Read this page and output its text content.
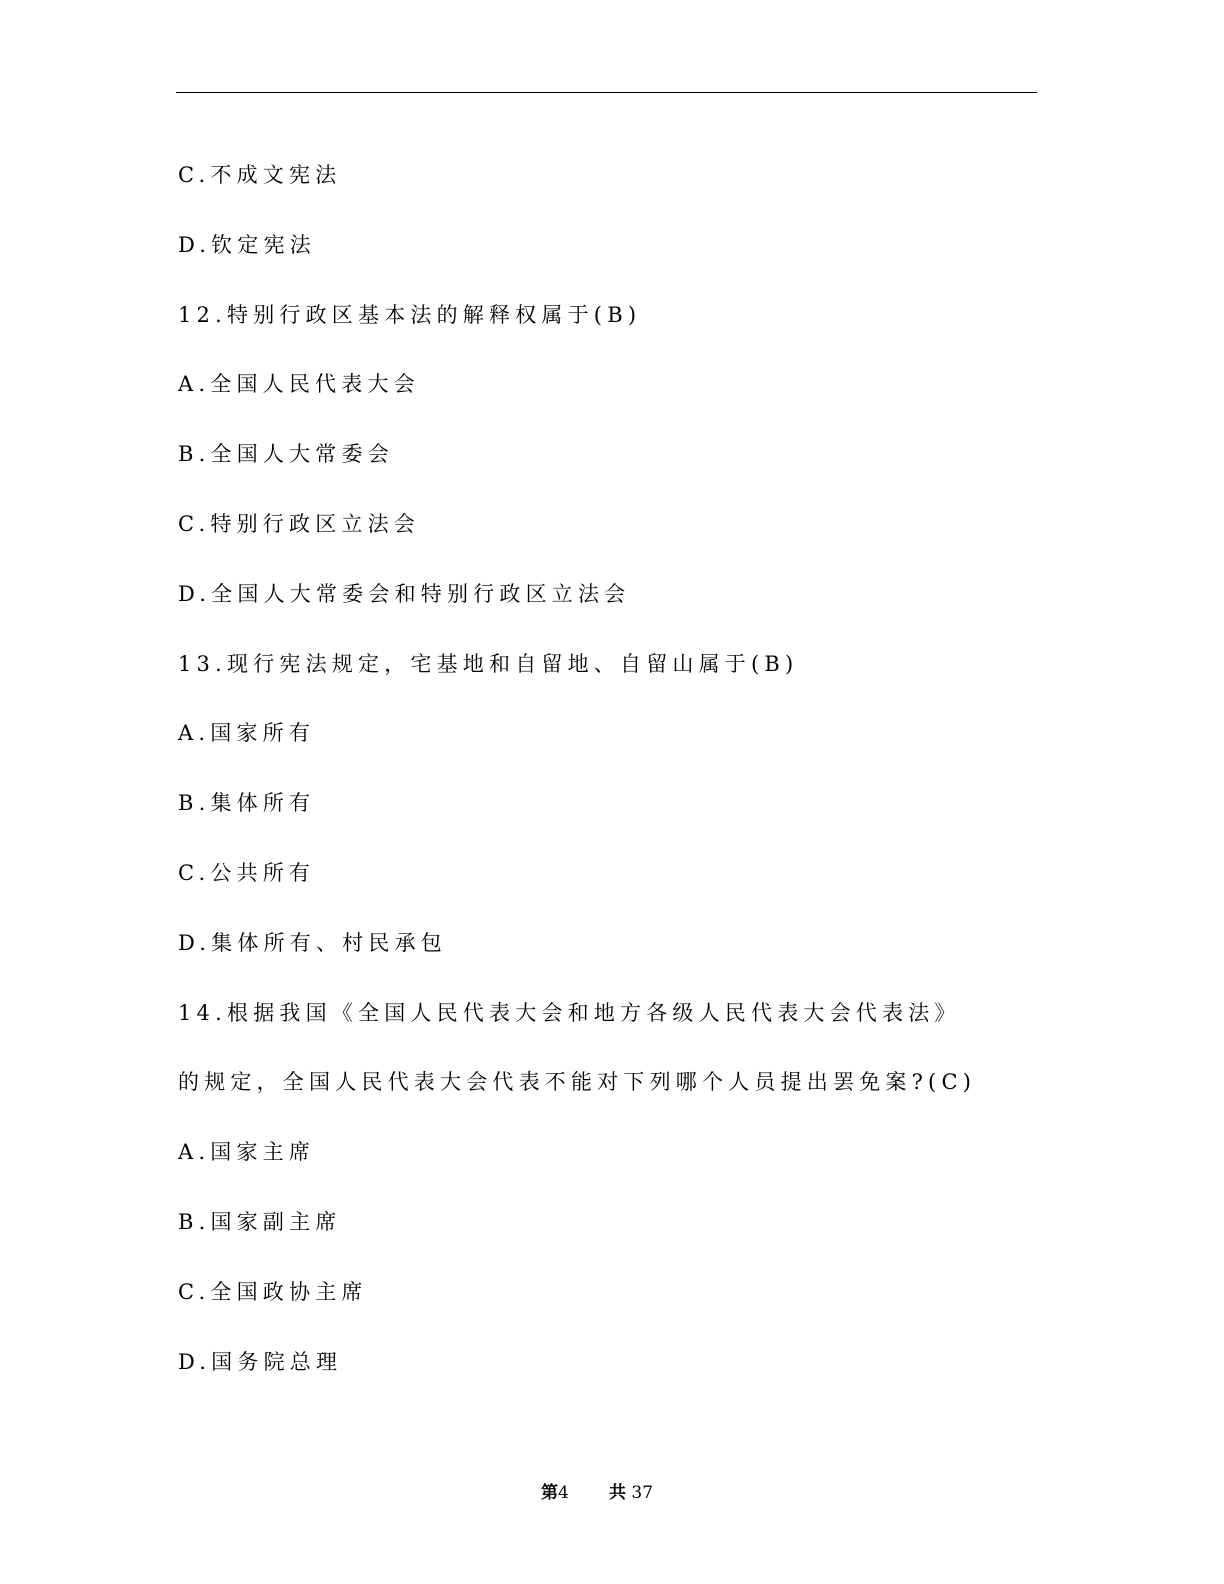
C.不成文宪法
D.钦定宪法
12.特别行政区基本法的解释权属于(B)
A.全国人民代表大会
B.全国人大常委会
C.特别行政区立法会
D.全国人大常委会和特别行政区立法会
13.现行宪法规定，宅基地和自留地、自留山属于(B)
A.国家所有
B.集体所有
C.公共所有
D.集体所有、村民承包
14.根据我国《全国人民代表大会和地方各级人民代表大会代表法》
的规定，全国人民代表大会代表不能对下列哪个人员提出罢免案?(C)
A.国家主席
B.国家副主席
C.全国政协主席
D.国务院总理
第4 共 37
